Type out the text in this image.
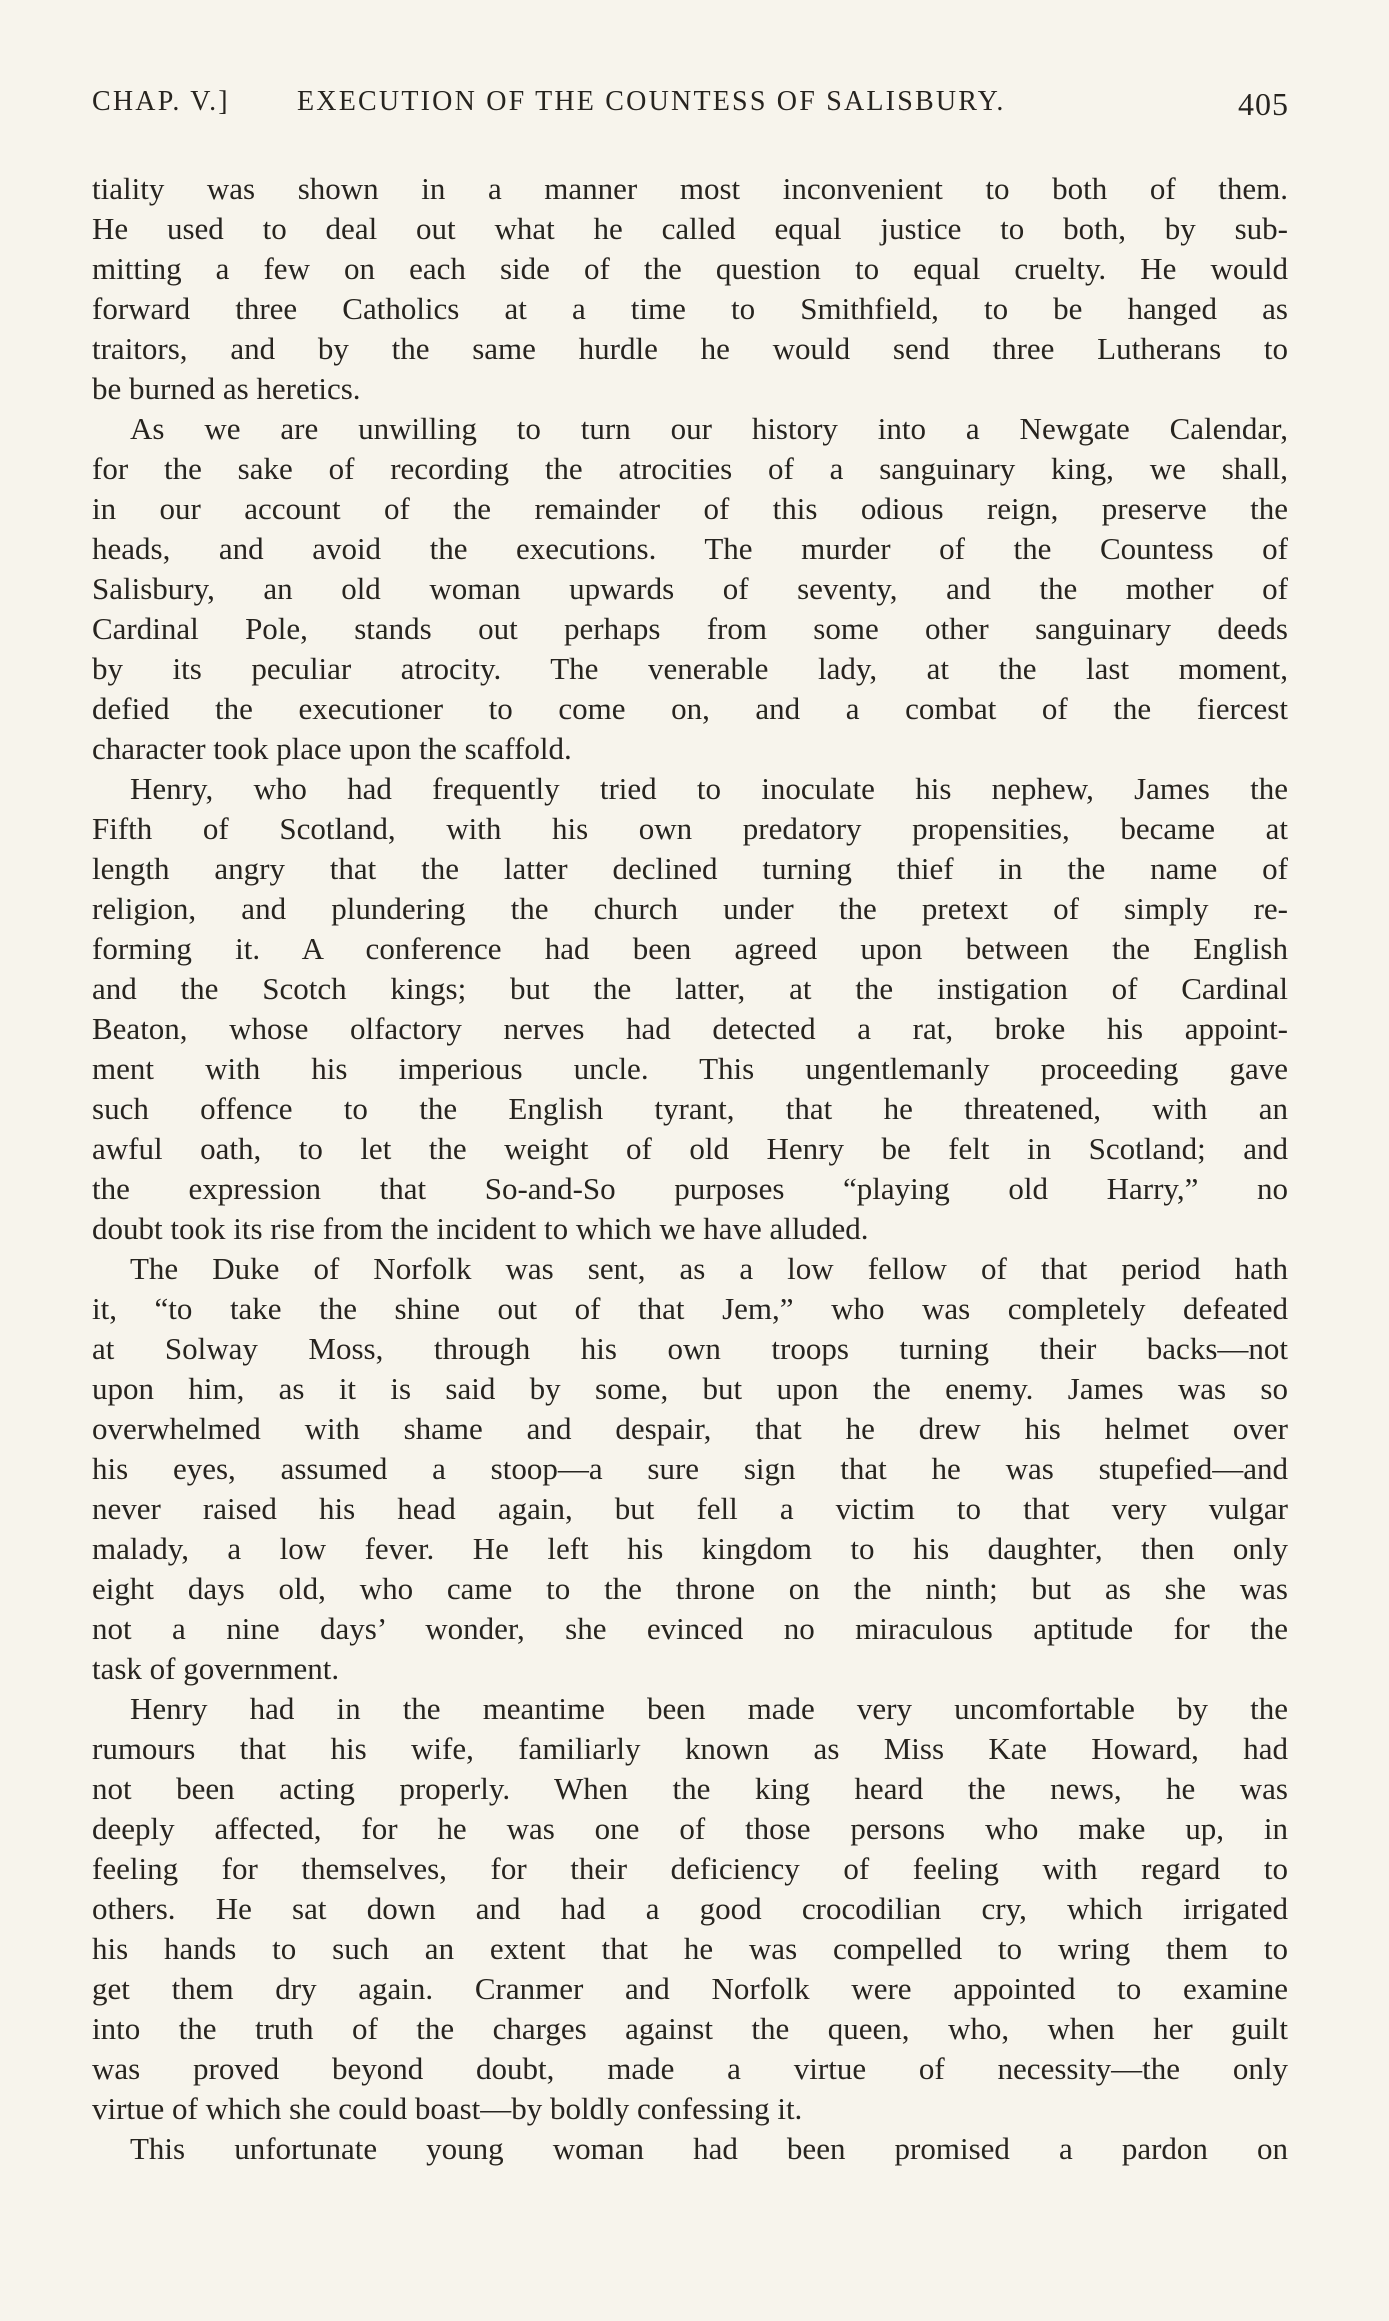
CHAP. V.] EXECUTION OF THE COUNTESS OF SALISBURY.	405

tiality was shown in a manner most inconvenient to both of them.
He used to deal out what he called equal justice to both, by sub-
mitting a few on each side of the question to equal cruelty. He would
forward three Catholics at a time to Smithfield, to be hanged as
traitors, and by the same hurdle he would send three Lutherans to
be burned as heretics.

As we are unwilling to turn our history into a Newgate Calendar,
for the sake of recording the atrocities of a sanguinary king, we shall,
in our account of the remainder of this odious reign, preserve the
heads, and avoid the executions. The murder of the Countess of
Salisbury, an old woman upwards of seventy, and the mother of
Cardinal Pole, stands out perhaps from some other sanguinary deeds
by its peculiar atrocity. The venerable lady, at the last moment,
defied the executioner to come on, and a combat of the fiercest
character took place upon the scaffold.

Henry, who had frequently tried to inoculate his nephew, James the
Fifth of Scotland, with his own predatory propensities, became at
length angry that the latter declined turning thief in the name of
religion, and plundering the church under the pretext of simply re-
forming it. A conference had been agreed upon between the English
and the Scotch kings; but the latter, at the instigation of Cardinal
Beaton, whose olfactory nerves had detected a rat, broke his appoint-
ment with his imperious uncle. This ungentlemanly proceeding gave
such offence to the English tyrant, that he threatened, with an
awful oath, to let the weight of old Henry be felt in Scotland; and
the expression that So-and-So purposes “playing old Harry,” no
doubt took its rise from the incident to which we have alluded.

The Duke of Norfolk was sent, as a low fellow of that period hath
it, “to take the shine out of that Jem,” who was completely defeated
at Solway Moss, through his own troops turning their backs—not
upon him, as it is said by some, but upon the enemy. James was so
overwhelmed with shame and despair, that he drew his helmet over
his eyes, assumed a stoop—a sure sign that he was stupefied—and
never raised his head again, but fell a victim to that very vulgar
malady, a low fever. He left his kingdom to his daughter, then only
eight days old, who came to the throne on the ninth; but as she was
not a nine days’ wonder, she evinced no miraculous aptitude for the
task of government.

Henry had in the meantime been made very uncomfortable by the
rumours that his wife, familiarly known as Miss Kate Howard, had
not been acting properly. When the king heard the news, he was
deeply affected, for he was one of those persons who make up, in
feeling for themselves, for their deficiency of feeling with regard to
others. He sat down and had a good crocodilian cry, which irrigated
his hands to such an extent that he was compelled to wring them to
get them dry again. Cranmer and Norfolk were appointed to examine
into the truth of the charges against the queen, who, when her guilt
was proved beyond doubt, made a virtue of necessity—the only
virtue of which she could boast—by boldly confessing it.

This unfortunate young woman had been promised a pardon on
